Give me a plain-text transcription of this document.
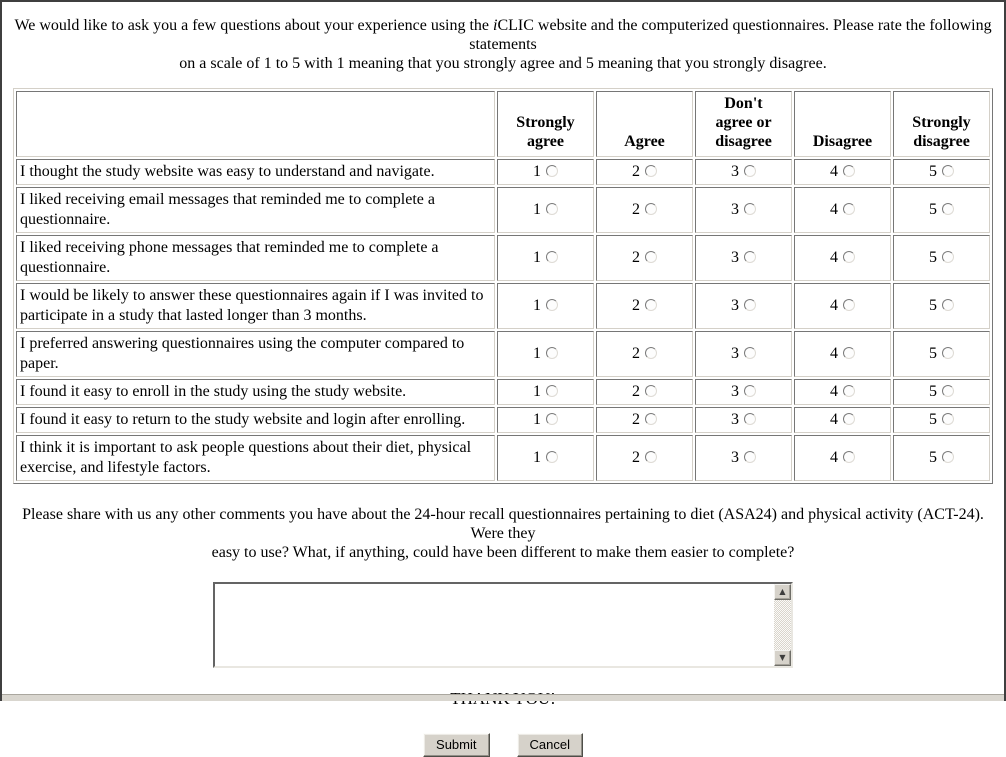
We would like to ask you a few questions about your experience using the iCLIC website and the computerized questionnaires. Please rate the following statements
on a scale of 1 to 5 with 1 meaning that you strongly agree and 5 meaning that you strongly disagree.
	Strongly agree	Agree	Don't agree or disagree	Disagree	Strongly disagree
I thought the study website was easy to understand and navigate.	1	2	3	4	5
I liked receiving email messages that reminded me to complete a questionnaire.	1	2	3	4	5
I liked receiving phone messages that reminded me to complete a questionnaire.	1	2	3	4	5
I would be likely to answer these questionnaires again if I was invited to participate in a study that lasted longer than 3 months.	1	2	3	4	5
I preferred answering questionnaires using the computer compared to paper.	1	2	3	4	5
I found it easy to enroll in the study using the study website.	1	2	3	4	5
I found it easy to return to the study website and login after enrolling.	1	2	3	4	5
I think it is important to ask people questions about their diet, physical exercise, and lifestyle factors.	1	2	3	4	5
Please share with us any other comments you have about the 24-hour recall questionnaires pertaining to diet (ASA24) and physical activity (ACT-24). Were they
easy to use? What, if anything, could have been different to make them easier to complete?
▲
▼
Submit	Cancel
